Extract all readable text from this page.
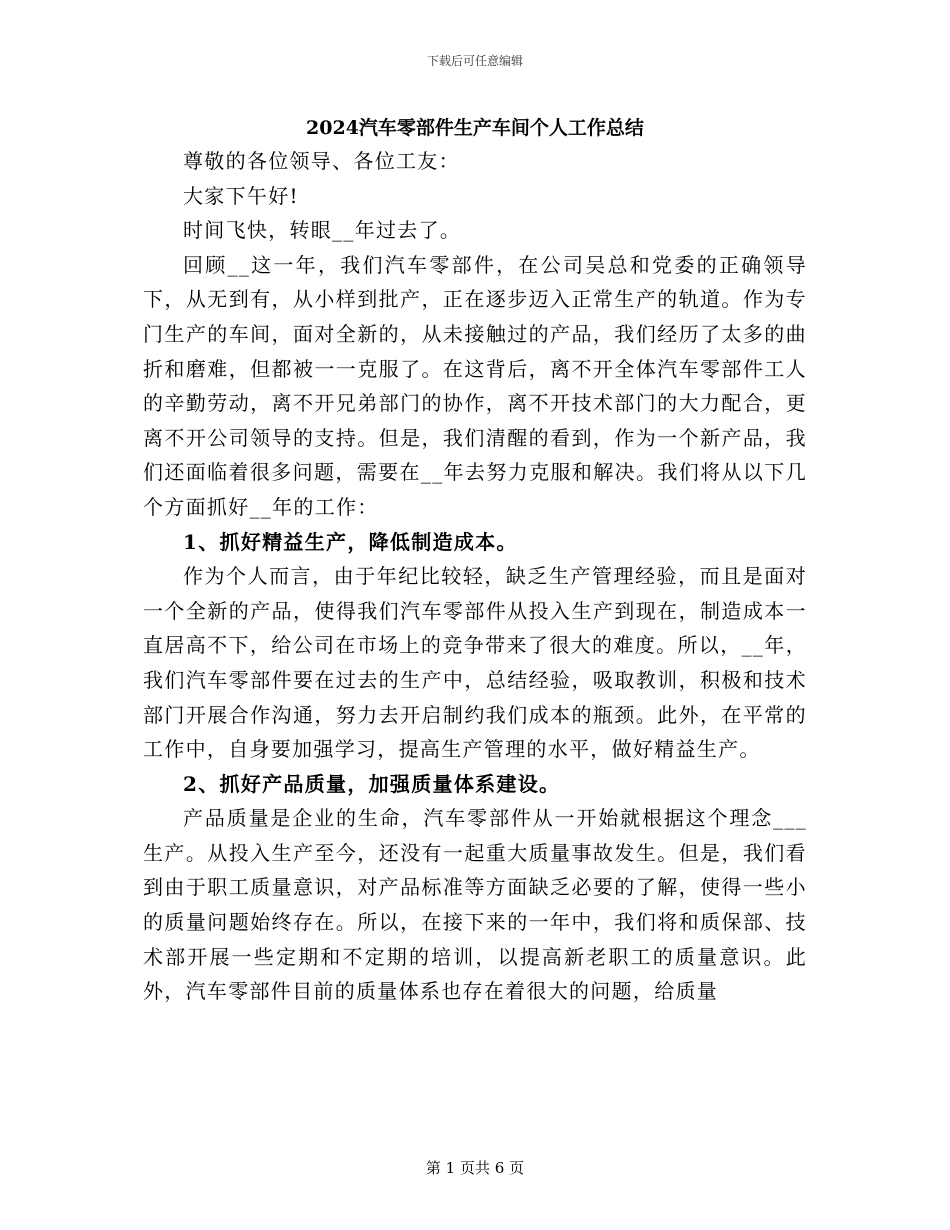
下载后可任意编辑
2024汽车零部件生产车间个人工作总结

尊敬的各位领导、各位工友：

大家下午好!

时间飞快，转眼__年过去了。

回顾__这一年，我们汽车零部件，在公司吴总和党委的正确领导下，从无到有，从小样到批产，正在逐步迈入正常生产的轨道。作为专门生产的车间，面对全新的，从未接触过的产品，我们经历了太多的曲折和磨难，但都被一一克服了。在这背后，离不开全体汽车零部件工人的辛勤劳动，离不开兄弟部门的协作，离不开技术部门的大力配合，更离不开公司领导的支持。但是，我们清醒的看到，作为一个新产品，我们还面临着很多问题，需要在__年去努力克服和解决。我们将从以下几个方面抓好__年的工作：

1、抓好精益生产，降低制造成本。

作为个人而言，由于年纪比较轻，缺乏生产管理经验，而且是面对一个全新的产品，使得我们汽车零部件从投入生产到现在，制造成本一直居高不下，给公司在市场上的竞争带来了很大的难度。所以，__年，我们汽车零部件要在过去的生产中，总结经验，吸取教训，积极和技术部门开展合作沟通，努力去开启制约我们成本的瓶颈。此外，在平常的工作中，自身要加强学习，提高生产管理的水平，做好精益生产。

2、抓好产品质量，加强质量体系建设。

产品质量是企业的生命，汽车零部件从一开始就根据这个理念___生产。从投入生产至今，还没有一起重大质量事故发生。但是，我们看到由于职工质量意识，对产品标准等方面缺乏必要的了解，使得一些小的质量问题始终存在。所以，在接下来的一年中，我们将和质保部、技术部开展一些定期和不定期的培训，以提高新老职工的质量意识。此外，汽车零部件目前的质量体系也存在着很大的问题，给质量

第 1 页共 6 页
